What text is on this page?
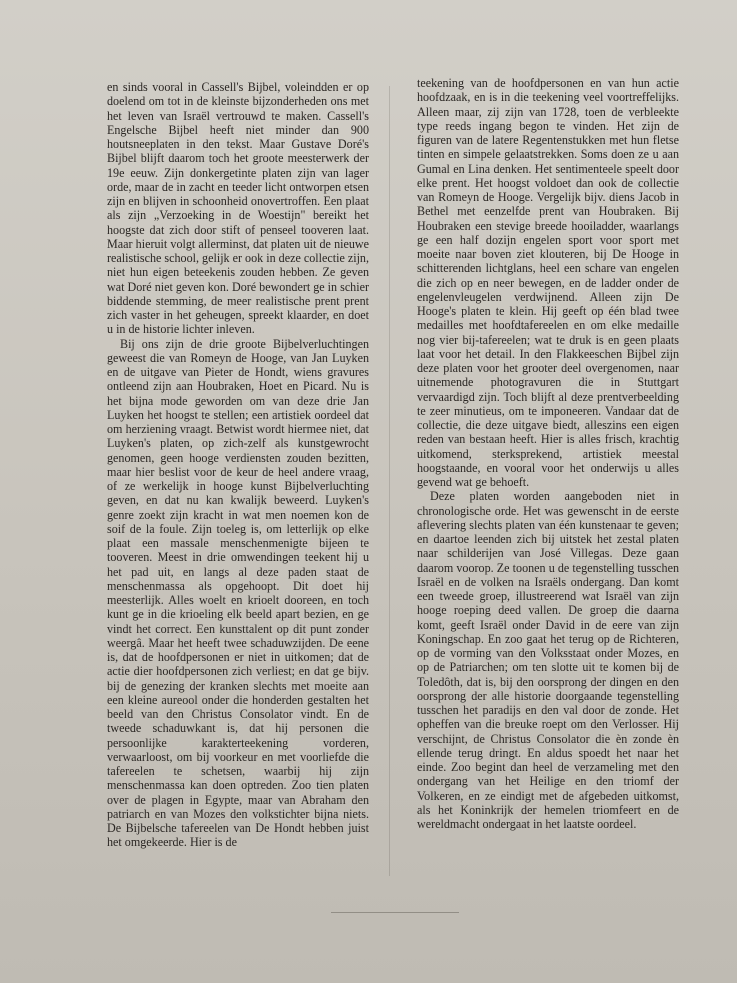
en sinds vooral in Cassell's Bijbel, voleindden er op doelend om tot in de kleinste bijzonderheden ons met het leven van Israël vertrouwd te maken. Cassell's Engelsche Bijbel heeft niet minder dan 900 houtsneeplaten in den tekst. Maar Gustave Doré's Bijbel blijft daarom toch het groote meesterwerk der 19e eeuw. Zijn donkergetinte platen zijn van lager orde, maar de in zacht en teeder licht ontworpen etsen zijn en blijven in schoonheid onovertroffen. Een plaat als zijn „Verzoeking in de Woestijn" bereikt het hoogste dat zich door stift of penseel tooveren laat. Maar hieruit volgt allerminst, dat platen uit de nieuwe realistische school, gelijk er ook in deze collectie zijn, niet hun eigen beteekenis zouden hebben. Ze geven wat Doré niet geven kon. Doré bewondert ge in schier biddende stemming, de meer realistische prent prent zich vaster in het geheugen, spreekt klaarder, en doet u in de historie lichter inleven.

Bij ons zijn de drie groote Bijbelverluchtingen geweest die van Romeyn de Hooge, van Jan Luyken en de uitgave van Pieter de Hondt, wiens gravures ontleend zijn aan Houbraken, Hoet en Picard. Nu is het bijna mode geworden om van deze drie Jan Luyken het hoogst te stellen; een artistiek oordeel dat om herziening vraagt. Betwist wordt hiermee niet, dat Luyken's platen, op zich-zelf als kunstgewrocht genomen, geen hooge verdiensten zouden bezitten, maar hier beslist voor de keur de heel andere vraag, of ze werkelijk in hooge kunst Bijbelverluchting geven, en dat nu kan kwalijk beweerd. Luyken's genre zoekt zijn kracht in wat men noemen kon de soif de la foule. Zijn toeleg is, om letterlijk op elke plaat een massale menschenmenigte bijeen te tooveren. Meest in drie omwendingen teekent hij u het pad uit, en langs al deze paden staat de menschenmassa als opgehoopt. Dit doet hij meesterlijk. Alles woelt en krioelt dooreen, en toch kunt ge in die krioeling elk beeld apart bezien, en ge vindt het correct. Een kunsttalent op dit punt zonder weergâ. Maar het heeft twee schaduwzijden. De eene is, dat de hoofdpersonen er niet in uitkomen; dat de actie dier hoofdpersonen zich verliest; en dat ge bijv. bij de genezing der kranken slechts met moeite aan een kleine aureool onder die honderden gestalten het beeld van den Christus Consolator vindt. En de tweede schaduwkant is, dat hij personen die persoonlijke karakterteekening vorderen, verwaarloost, om bij voorkeur en met voorliefde die tafereelen te schetsen, waarbij hij zijn menschenmassa kan doen optreden. Zoo tien platen over de plagen in Egypte, maar van Abraham den patriarch en van Mozes den volkstichter bijna niets. De Bijbelsche tafereelen van De Hondt hebben juist het omgekeerde. Hier is de

teekening van de hoofdpersonen en van hun actie hoofdzaak, en is in die teekening veel voortreffelijks. Alleen maar, zij zijn van 1728, toen de verbleekte type reeds ingang begon te vinden. Het zijn de figuren van de latere Regentenstukken met hun fletse tinten en simpele gelaatstrekken. Soms doen ze u aan Gumal en Lina denken. Het sentimenteele speelt door elke prent. Het hoogst voldoet dan ook de collectie van Romeyn de Hooge. Vergelijk bijv. diens Jacob in Bethel met eenzelfde prent van Houbraken. Bij Houbraken een stevige breede hooiladder, waarlangs ge een half dozijn engelen sport voor sport met moeite naar boven ziet klouteren, bij De Hooge in schitterenden lichtglans, heel een schare van engelen die zich op en neer bewegen, en de ladder onder de engelenvleugelen verdwijnend. Alleen zijn De Hooge's platen te klein. Hij geeft op één blad twee medailles met hoofdtafereelen en om elke medaille nog vier bij-tafereelen; wat te druk is en geen plaats laat voor het detail. In den Flakkeeschen Bijbel zijn deze platen voor het grooter deel overgenomen, naar uitnemende photogravuren die in Stuttgart vervaardigd zijn. Toch blijft al deze prentverbeelding te zeer minutieus, om te imponeeren. Vandaar dat de collectie, die deze uitgave biedt, alleszins een eigen reden van bestaan heeft. Hier is alles frisch, krachtig uitkomend, sterksprekend, artistiek meestal hoogstaande, en vooral voor het onderwijs u alles gevend wat ge behoeft.

Deze platen worden aangeboden niet in chronologische orde. Het was gewenscht in de eerste aflevering slechts platen van één kunstenaar te geven; en daartoe leenden zich bij uitstek het zestal platen naar schilderijen van José Villegas. Deze gaan daarom voorop. Ze toonen u de tegenstelling tusschen Israël en de volken na Israëls ondergang. Dan komt een tweede groep, illustreerend wat Israël van zijn hooge roeping deed vallen. De groep die daarna komt, geeft Israël onder David in de eere van zijn Koningschap. En zoo gaat het terug op de Richteren, op de vorming van den Volksstaat onder Mozes, en op de Patriarchen; om ten slotte uit te komen bij de Toledôth, dat is, bij den oorsprong der dingen en den oorsprong der alle historie doorgaande tegenstelling tusschen het paradijs en den val door de zonde. Het opheffen van die breuke roept om den Verlosser. Hij verschijnt, de Christus Consolator die èn zonde èn ellende terug dringt. En aldus spoedt het naar het einde. Zoo begint dan heel de verzameling met den ondergang van het Heilige en den triomf der Volkeren, en ze eindigt met de afgebeden uitkomst, als het Koninkrijk der hemelen triomfeert en de wereldmacht ondergaat in het laatste oordeel.
